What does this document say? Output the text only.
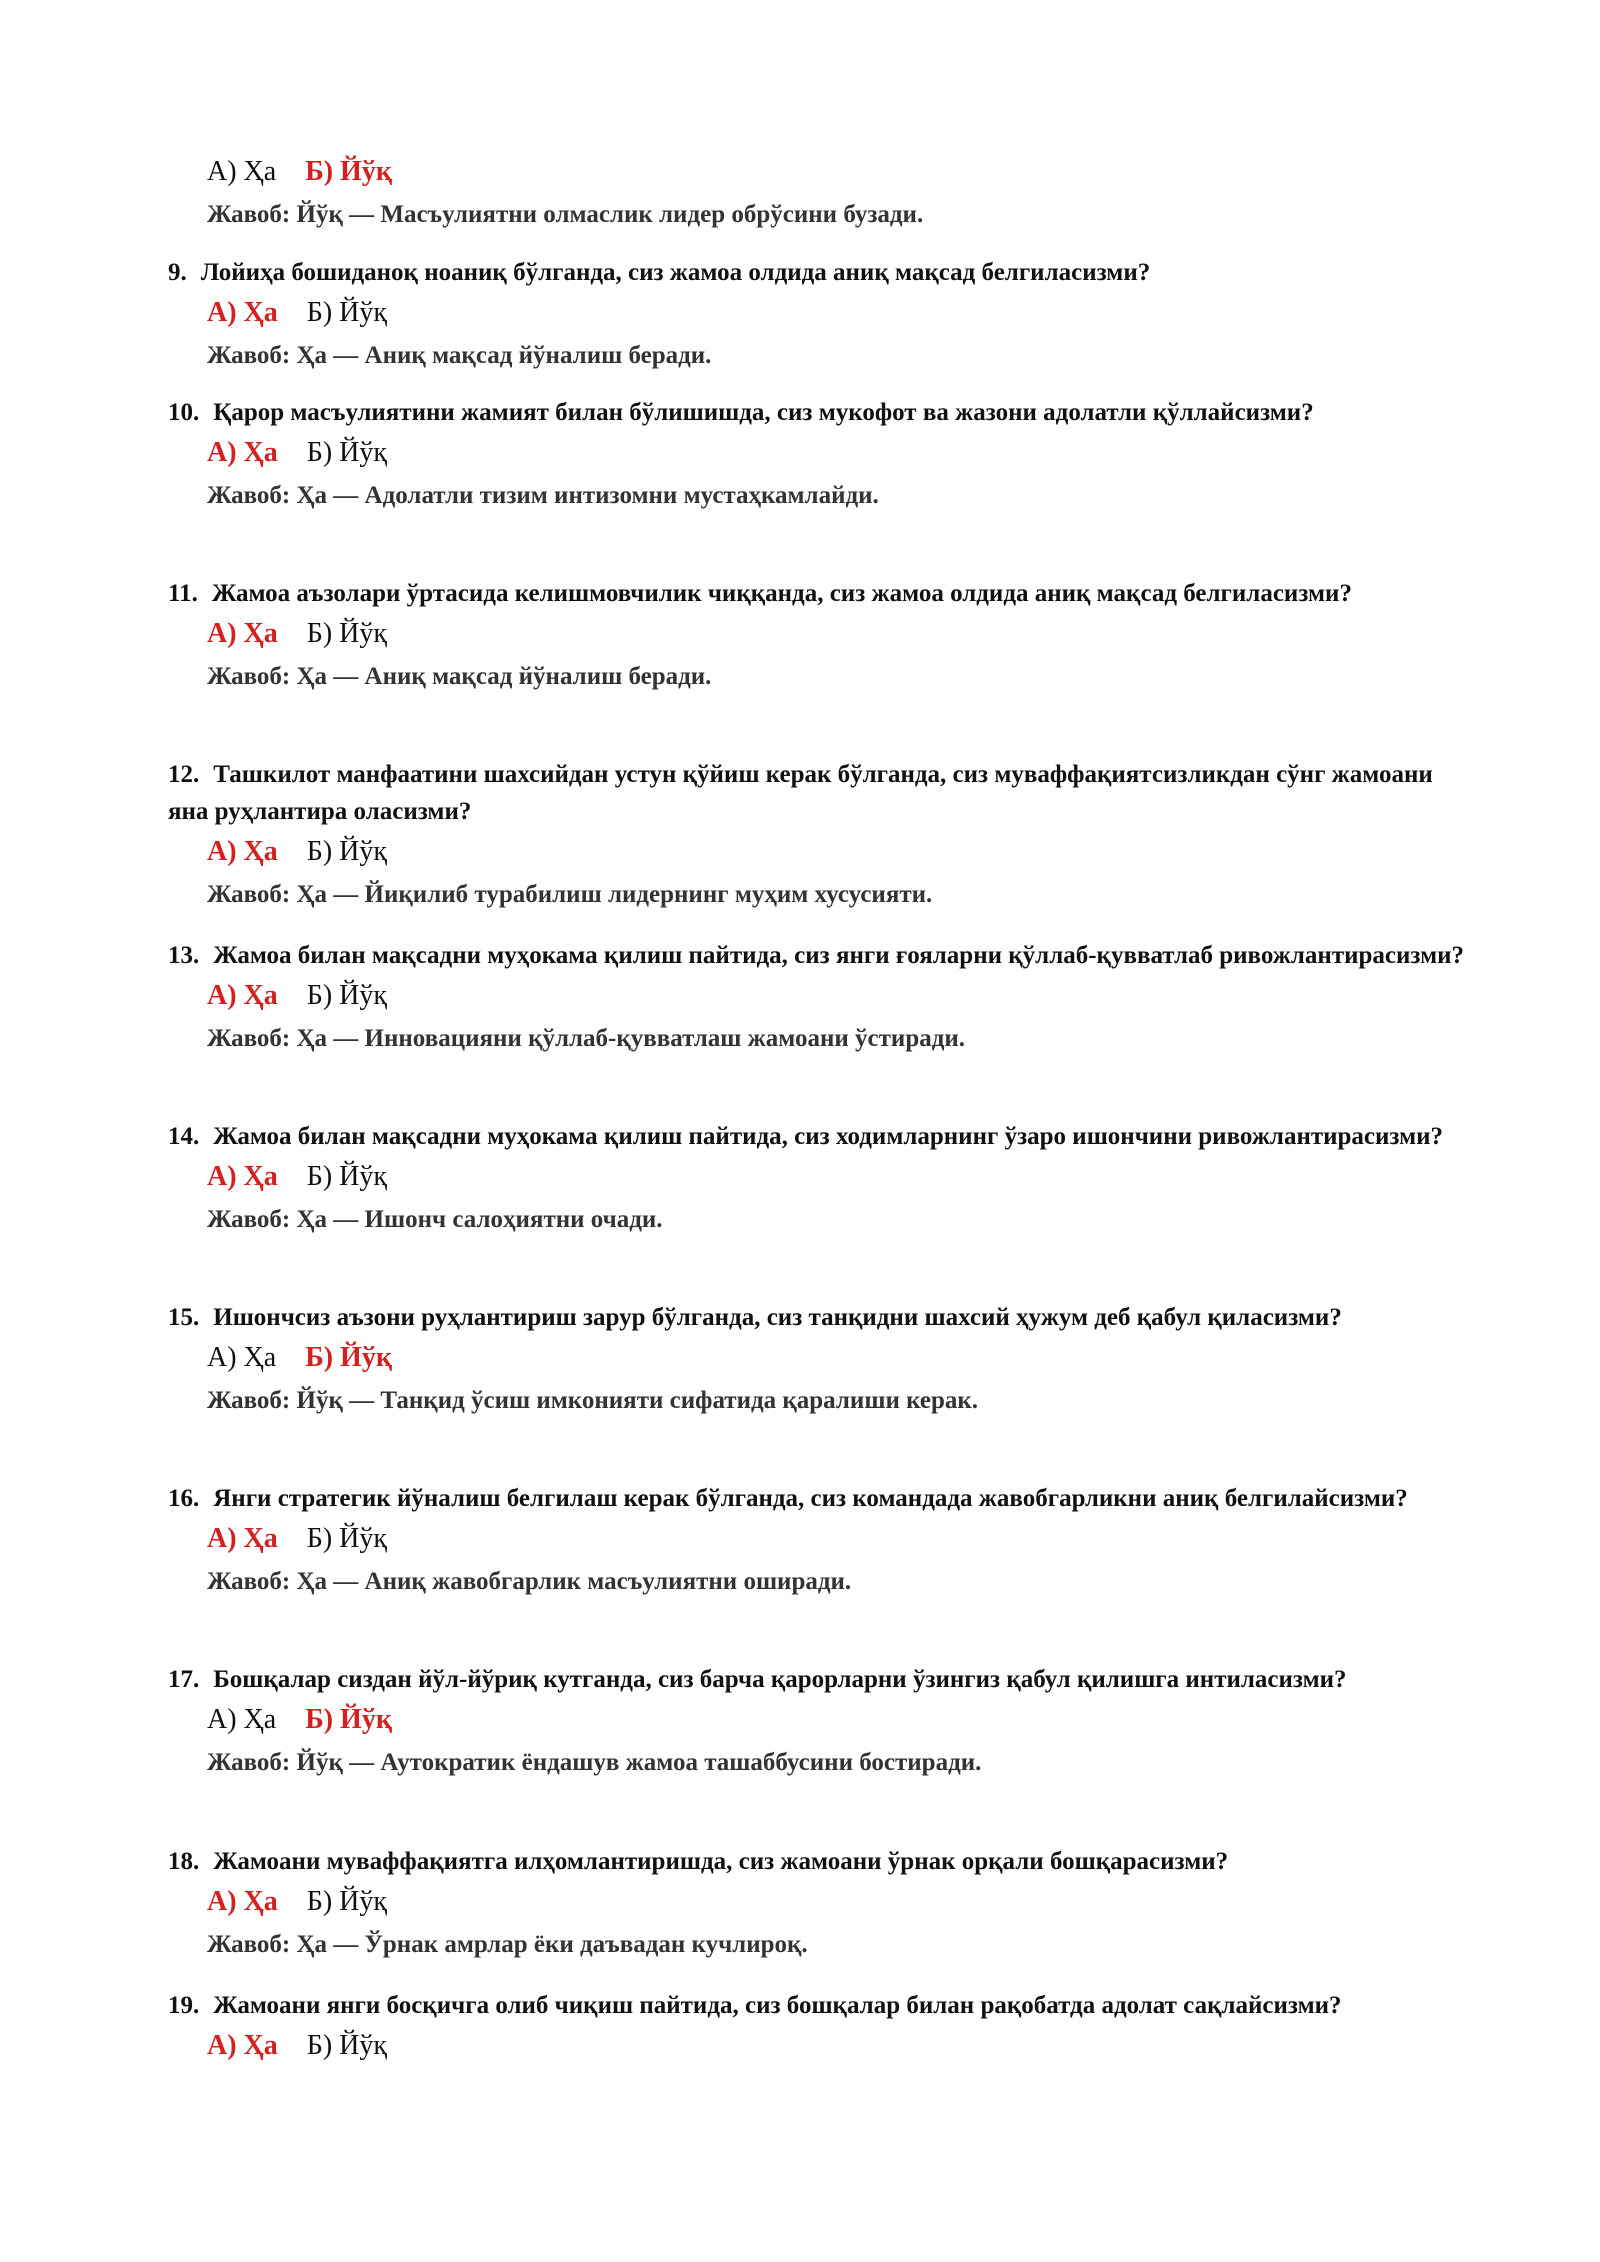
А) Ҳа Б) Йўқ
Жавоб: Йўқ — Масъулиятни олмаслик лидер обрўсини бузади.
9. Лойиҳа бошиданоқ ноаниқ бўлганда, сиз жамоа олдида аниқ мақсад белгиласизми?
А) Ҳа Б) Йўқ
Жавоб: Ҳа — Аниқ мақсад йўналиш беради.
10. Қарор масъулиятини жамият билан бўлишишда, сиз мукофот ва жазони адолатли қўллайсизми?
А) Ҳа Б) Йўқ
Жавоб: Ҳа — Адолатли тизим интизомни мустаҳкамлайди.
11. Жамоа аъзолари ўртасида келишмовчилик чиққанда, сиз жамоа олдида аниқ мақсад белгиласизми?
А) Ҳа Б) Йўқ
Жавоб: Ҳа — Аниқ мақсад йўналиш беради.
12. Ташкилот манфаатини шахсийдан устун қўйиш керак бўлганда, сиз муваффақиятсизликдан сўнг жамоани яна руҳлантира оласизми?
А) Ҳа Б) Йўқ
Жавоб: Ҳа — Йиқилиб турабилиш лидернинг муҳим хусусияти.
13. Жамоа билан мақсадни муҳокама қилиш пайтида, сиз янги ғояларни қўллаб-қувватлаб ривожлантирасизми?
А) Ҳа Б) Йўқ
Жавоб: Ҳа — Инновацияни қўллаб-қувватлаш жамоани ўстиради.
14. Жамоа билан мақсадни муҳокама қилиш пайтида, сиз ходимларнинг ўзаро ишончини ривожлантирасизми?
А) Ҳа Б) Йўқ
Жавоб: Ҳа — Ишонч салоҳиятни очади.
15. Ишончсиз аъзони руҳлантириш зарур бўлганда, сиз танқидни шахсий ҳужум деб қабул қиласизми?
А) Ҳа Б) Йўқ
Жавоб: Йўқ — Танқид ўсиш имконияти сифатида қаралиши керак.
16. Янги стратегик йўналиш белгилаш керак бўлганда, сиз командада жавобгарликни аниқ белгилайсизми?
А) Ҳа Б) Йўқ
Жавоб: Ҳа — Аниқ жавобгарлик масъулиятни оширади.
17. Бошқалар сиздан йўл-йўриқ кутганда, сиз барча қарорларни ўзингиз қабул қилишга интиласизми?
А) Ҳа Б) Йўқ
Жавоб: Йўқ — Аутократик ёндашув жамоа ташаббусини бостиради.
18. Жамоани муваффақиятга илҳомлантиришда, сиз жамоани ўрнак орқали бошқарасизми?
А) Ҳа Б) Йўқ
Жавоб: Ҳа — Ўрнак амрлар ёки даъвадан кучлироқ.
19. Жамоани янги босқичга олиб чиқиш пайтида, сиз бошқалар билан рақобатда адолат сақлайсизми?
А) Ҳа Б) Йўқ
